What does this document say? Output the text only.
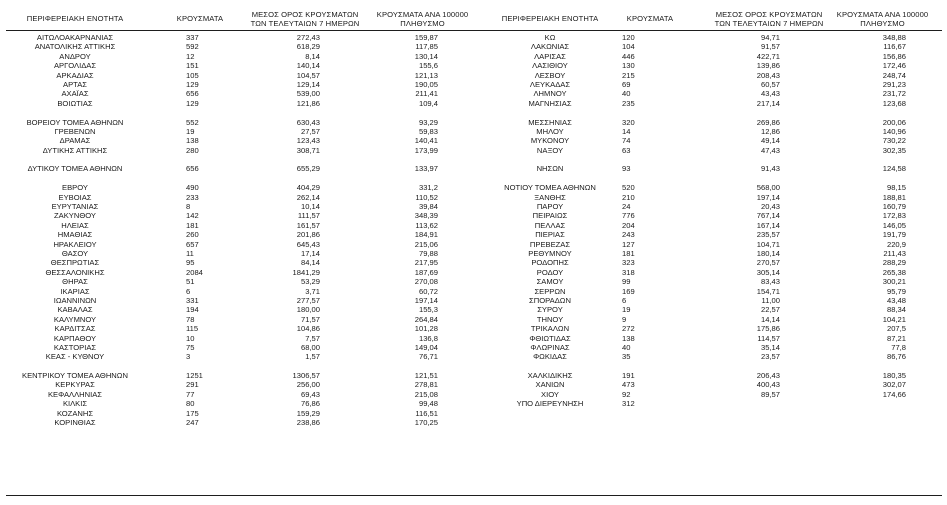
ΠΕΡΙΦΕΡΕΙΑΚΗ ΕΝΟΤΗΤΑ	ΚΡΟΥΣΜΑΤΑ	ΜΕΣΟΣ ΟΡΟΣ ΚΡΟΥΣΜΑΤΩΝ
ΤΩΝ ΤΕΛΕΥΤΑΙΩΝ 7 ΗΜΕΡΩΝ
ΚΡΟΥΣΜΑΤΑ ΑΝΑ 100000
ΠΛΗΘΥΣΜΟ
ΑΙΤΩΛΟΑΚΑΡΝΑΝΙΑΣ	337	272,43	159,87
ΑΝΑΤΟΛΙΚΗΣ ΑΤΤΙΚΗΣ	592	618,29	117,85
ΑΝΔΡΟΥ	12	8,14	130,14
ΑΡΓΟΛΙΔΑΣ	151	140,14	155,6
ΑΡΚΑΔΙΑΣ	105	104,57	121,13
ΑΡΤΑΣ	129	129,14	190,05
ΑΧΑΪΑΣ	656	539,00	211,41
ΒΟΙΩΤΙΑΣ	129	121,86	109,4
ΒΟΡΕΙΟΥ ΤΟΜΕΑ ΑΘΗΝΩΝ	552	630,43	93,29
ΓΡΕΒΕΝΩΝ	19	27,57	59,83
ΔΡΑΜΑΣ	138	123,43	140,41
ΔΥΤΙΚΗΣ ΑΤΤΙΚΗΣ	280	308,71	173,99
ΔΥΤΙΚΟΥ ΤΟΜΕΑ ΑΘΗΝΩΝ	656	655,29	133,97
ΕΒΡΟΥ	490	404,29	331,2
ΕΥΒΟΙΑΣ	233	262,14	110,52
ΕΥΡΥΤΑΝΙΑΣ	8	10,14	39,84
ΖΑΚΥΝΘΟΥ	142	111,57	348,39
ΗΛΕΙΑΣ	181	161,57	113,62
ΗΜΑΘΙΑΣ	260	201,86	184,91
ΗΡΑΚΛΕΙΟΥ	657	645,43	215,06
ΘΑΣΟΥ	11	17,14	79,88
ΘΕΣΠΡΩΤΙΑΣ	95	84,14	217,95
ΘΕΣΣΑΛΟΝΙΚΗΣ	2084	1841,29	187,69
ΘΗΡΑΣ	51	53,29	270,08
ΙΚΑΡΙΑΣ	6	3,71	60,72
ΙΩΑΝΝΙΝΩΝ	331	277,57	197,14
ΚΑΒΑΛΑΣ	194	180,00	155,3
ΚΑΛΥΜΝΟΥ	78	71,57	264,84
ΚΑΡΔΙΤΣΑΣ	115	104,86	101,28
ΚΑΡΠΑΘΟΥ	10	7,57	136,8
ΚΑΣΤΟΡΙΑΣ	75	68,00	149,04
ΚΕΑΣ - ΚΥΘΝΟΥ	3	1,57	76,71
ΚΕΝΤΡΙΚΟΥ ΤΟΜΕΑ ΑΘΗΝΩΝ	1251	1306,57	121,51
ΚΕΡΚΥΡΑΣ	291	256,00	278,81
ΚΕΦΑΛΛΗΝΙΑΣ	77	69,43	215,08
ΚΙΛΚΙΣ	80	76,86	99,48
ΚΟΖΑΝΗΣ	175	159,29	116,51
ΚΟΡΙΝΘΙΑΣ	247	238,86	170,25
ΠΕΡΙΦΕΡΕΙΑΚΗ ΕΝΟΤΗΤΑ	ΚΡΟΥΣΜΑΤΑ	ΜΕΣΟΣ ΟΡΟΣ ΚΡΟΥΣΜΑΤΩΝ
ΤΩΝ ΤΕΛΕΥΤΑΙΩΝ 7 ΗΜΕΡΩΝ
ΚΡΟΥΣΜΑΤΑ ΑΝΑ 100000
ΠΛΗΘΥΣΜΟ
ΚΩ	120	94,71	348,88
ΛΑΚΩΝΙΑΣ	104	91,57	116,67
ΛΑΡΙΣΑΣ	446	422,71	156,86
ΛΑΣΙΘΙΟΥ	130	139,86	172,46
ΛΕΣΒΟΥ	215	208,43	248,74
ΛΕΥΚΑΔΑΣ	69	60,57	291,23
ΛΗΜΝΟΥ	40	43,43	231,72
ΜΑΓΝΗΣΙΑΣ	235	217,14	123,68
ΜΕΣΣΗΝΙΑΣ	320	269,86	200,06
ΜΗΛΟΥ	14	12,86	140,96
ΜΥΚΟΝΟΥ	74	49,14	730,22
ΝΑΞΟΥ	63	47,43	302,35
ΝΗΣΩΝ	93	91,43	124,58
ΝΟΤΙΟΥ ΤΟΜΕΑ ΑΘΗΝΩΝ	520	568,00	98,15
ΞΑΝΘΗΣ	210	197,14	188,81
ΠΑΡΟΥ	24	20,43	160,79
ΠΕΙΡΑΙΩΣ	776	767,14	172,83
ΠΕΛΛΑΣ	204	167,14	146,05
ΠΙΕΡΙΑΣ	243	235,57	191,79
ΠΡΕΒΕΖΑΣ	127	104,71	220,9
ΡΕΘΥΜΝΟΥ	181	180,14	211,43
ΡΟΔΟΠΗΣ	323	270,57	288,29
ΡΟΔΟΥ	318	305,14	265,38
ΣΑΜΟΥ	99	83,43	300,21
ΣΕΡΡΩΝ	169	154,71	95,79
ΣΠΟΡΑΔΩΝ	6	11,00	43,48
ΣΥΡΟΥ	19	22,57	88,34
ΤΗΝΟΥ	9	14,14	104,21
ΤΡΙΚΑΛΩΝ	272	175,86	207,5
ΦΘΙΩΤΙΔΑΣ	138	114,57	87,21
ΦΛΩΡΙΝΑΣ	40	35,14	77,8
ΦΩΚΙΔΑΣ	35	23,57	86,76
ΧΑΛΚΙΔΙΚΗΣ	191	206,43	180,35
ΧΑΝΙΩΝ	473	400,43	302,07
ΧΙΟΥ	92	89,57	174,66
ΥΠΟ ΔΙΕΡΕΥΝΗΣΗ	312
